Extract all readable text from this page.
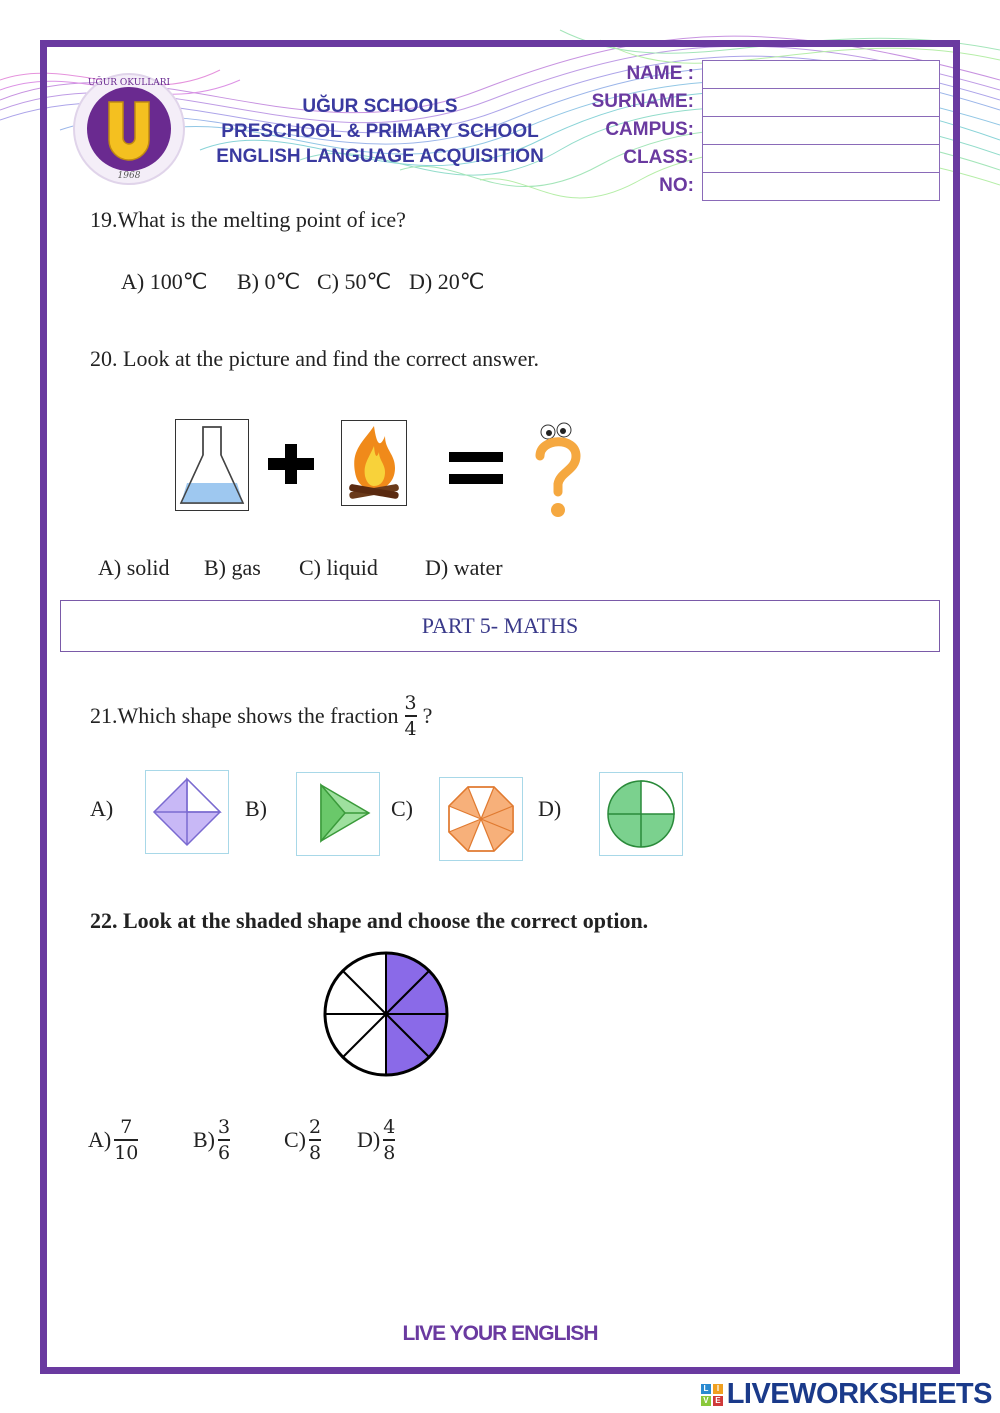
1968
UĞUR OKULLARI
UĞUR SCHOOLS
PRESCHOOL & PRIMARY SCHOOL
ENGLISH LANGUAGE ACQUISITION
NAME :
SURNAME:
CAMPUS:
CLASS:
NO:
19.What is the melting point of ice?
A) 100℃ B) 0℃ C) 50℃ D) 20℃
20. Look at the picture and find the correct answer.
A) solid B) gas C) liquid D) water
PART 5- MATHS
21.Which shape shows the fraction $\frac{3}{4}$ ?
A)	B)	C)	D)
22. Look at the shaded shape and choose the correct option.
$A) \frac{7}{10} B) \frac{3}{6} C) \frac{2}{8} D) \frac{4}{8}$
LIVE YOUR ENGLISH
L	I
V E LIVEWORKSHEETS
